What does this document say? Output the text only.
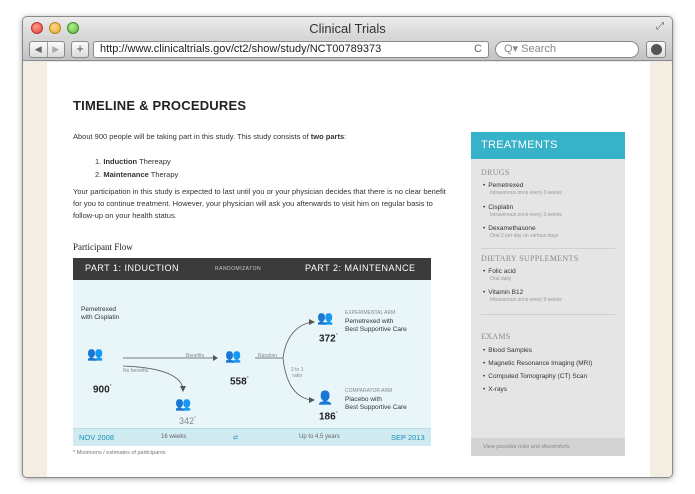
Clinical Trials	⤢
◀	▶	+	http://www.clinicaltrials.gov/ct2/show/study/NCT00789373	C	Q▾ Search
TIMELINE & PROCEDURES
About 900 people will be taking part in this study. This study consists of two parts:
1. Induction Thereapy
2. Maintenance Therapy
Your participation in this study is expected to last until you or your physician decides that there is no clear benefit for you to continue treatment. However, your physician will ask you afterwards to visit him on regular basis to follow-up on your health status.
Participant Flow
PART 1: INDUCTION	RANDOMIZATON	PART 2: MAINTENANCE
Pemetrexed
with Cisplatin
👥
900*
No benefits
Benefits
👥
342*
👥
558*
Random
2 to 1
ratio
👥
372*
EXPERIMENTAL ARM
Pemetrexed with
Best Supportive Care
👤
186*
COMPARATOR ARM
Placebo with
Best Supportive Care
NOV 2008	16 weeks	⇄	Up to 4.5 years	SEP 2013
* Minimums / estimates of participants
TREATMENTS
DRUGS
• Pemetrexed
Intravenous once every 3 weeks
• Cisplatin
Intravenous once every 3 weeks
• Dexamethasone
Oral 2 per day on various days
DIETARY SUPPLEMENTS
• Folic acid
Oral daily
• Vitamin B12
Intravenous once every 9 weeks
EXAMS
• Blood Samples
• Magnetic Resonance Imaging (MRI)
• Computed Tomography (CT) Scan
• X-rays
View possible risks and discomforts
